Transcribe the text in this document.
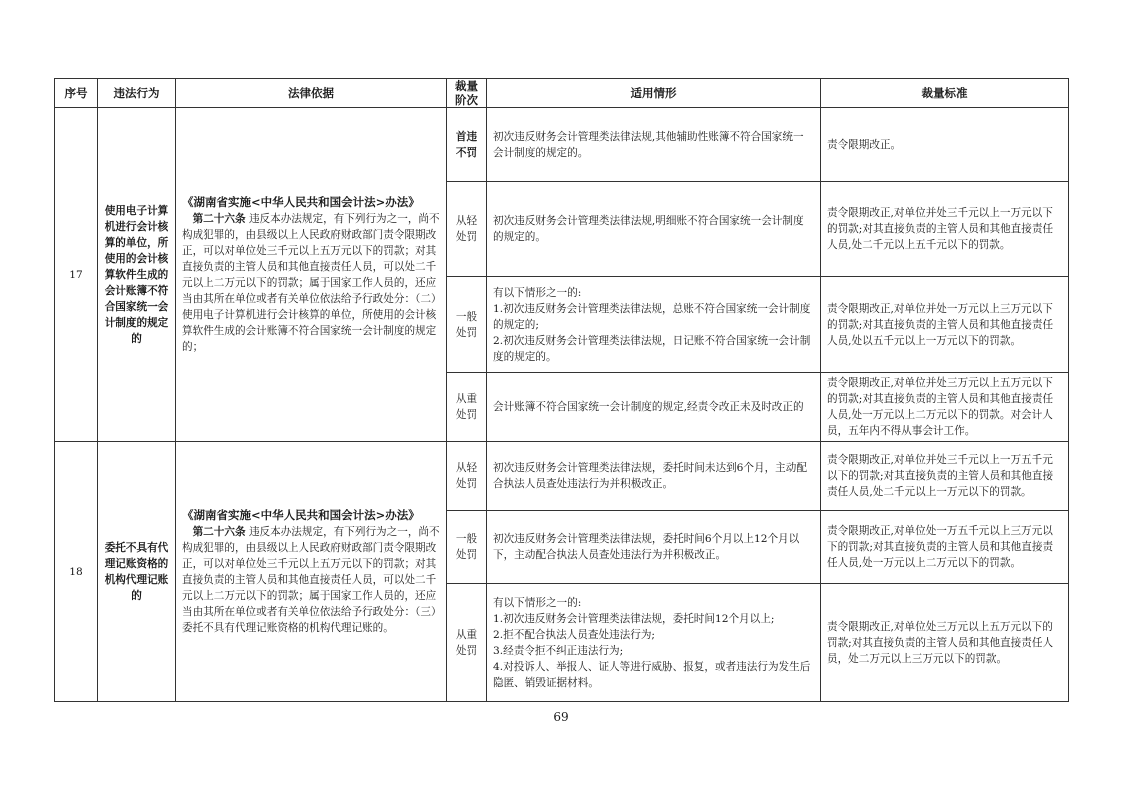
序号	违法行为	法律依据	裁量阶次	适用情形	裁量标准
17	使用电子计算机进行会计核算的单位，所使用的会计核算软件生成的会计账簿不符合国家统一会计制度的规定的	《湖南省实施<中华人民共和国会计法>办法》
 第二十六条 违反本办法规定，有下列行为之一，尚不构成犯罪的，由县级以上人民政府财政部门责令限期改正，可以对单位处三千元以上五万元以下的罚款；对其直接负责的主管人员和其他直接责任人员，可以处二千元以上二万元以下的罚款；属于国家工作人员的，还应当由其所在单位或者有关单位依法给予行政处分：（二）使用电子计算机进行会计核算的单位，所使用的会计核算软件生成的会计账簿不符合国家统一会计制度的规定的；	首违不罚	初次违反财务会计管理类法律法规,其他辅助性账簿不符合国家统一会计制度的规定的。	责令限期改正。
			从轻处罚	初次违反财务会计管理类法律法规,明细账不符合国家统一会计制度的规定的。	责令限期改正,对单位并处三千元以上一万元以下的罚款;对其直接负责的主管人员和其他直接责任人员,处二千元以上五千元以下的罚款。
			一般处罚	有以下情形之一的:
1.初次违反财务会计管理类法律法规，总账不符合国家统一会计制度的规定的;
2.初次违反财务会计管理类法律法规，日记账不符合国家统一会计制度的规定的。	责令限期改正,对单位并处一万元以上三万元以下的罚款;对其直接负责的主管人员和其他直接责任人员,处以五千元以上一万元以下的罚款。
			从重处罚	会计账簿不符合国家统一会计制度的规定,经责令改正未及时改正的	责令限期改正,对单位并处三万元以上五万元以下的罚款;对其直接负责的主管人员和其他直接责任人员,处一万元以上二万元以下的罚款。对会计人员，五年内不得从事会计工作。
18	委托不具有代理记账资格的机构代理记账的	《湖南省实施<中华人民共和国会计法>办法》
 第二十六条 违反本办法规定，有下列行为之一，尚不构成犯罪的，由县级以上人民政府财政部门责令限期改正，可以对单位处三千元以上五万元以下的罚款；对其直接负责的主管人员和其他直接责任人员，可以处二千元以上二万元以下的罚款；属于国家工作人员的，还应当由其所在单位或者有关单位依法给予行政处分：（三）委托不具有代理记账资格的机构代理记账的。	从轻处罚	初次违反财务会计管理类法律法规，委托时间未达到6个月，主动配合执法人员查处违法行为并积极改正。	责令限期改正,对单位并处三千元以上一万五千元以下的罚款;对其直接负责的主管人员和其他直接责任人员,处二千元以上一万元以下的罚款。
			一般处罚	初次违反财务会计管理类法律法规，委托时间6个月以上12个月以下，主动配合执法人员查处违法行为并积极改正。	责令限期改正,对单位处一万五千元以上三万元以下的罚款;对其直接负责的主管人员和其他直接责任人员,处一万元以上二万元以下的罚款。
			从重处罚	有以下情形之一的:
1.初次违反财务会计管理类法律法规，委托时间12个月以上;
2.拒不配合执法人员查处违法行为;
3.经责令拒不纠正违法行为;
4.对投诉人、举报人、证人等进行威胁、报复，或者违法行为发生后隐匿、销毁证据材料。	责令限期改正,对单位处三万元以上五万元以下的罚款;对其直接负责的主管人员和其他直接责任人员，处二万元以上三万元以下的罚款。
69
